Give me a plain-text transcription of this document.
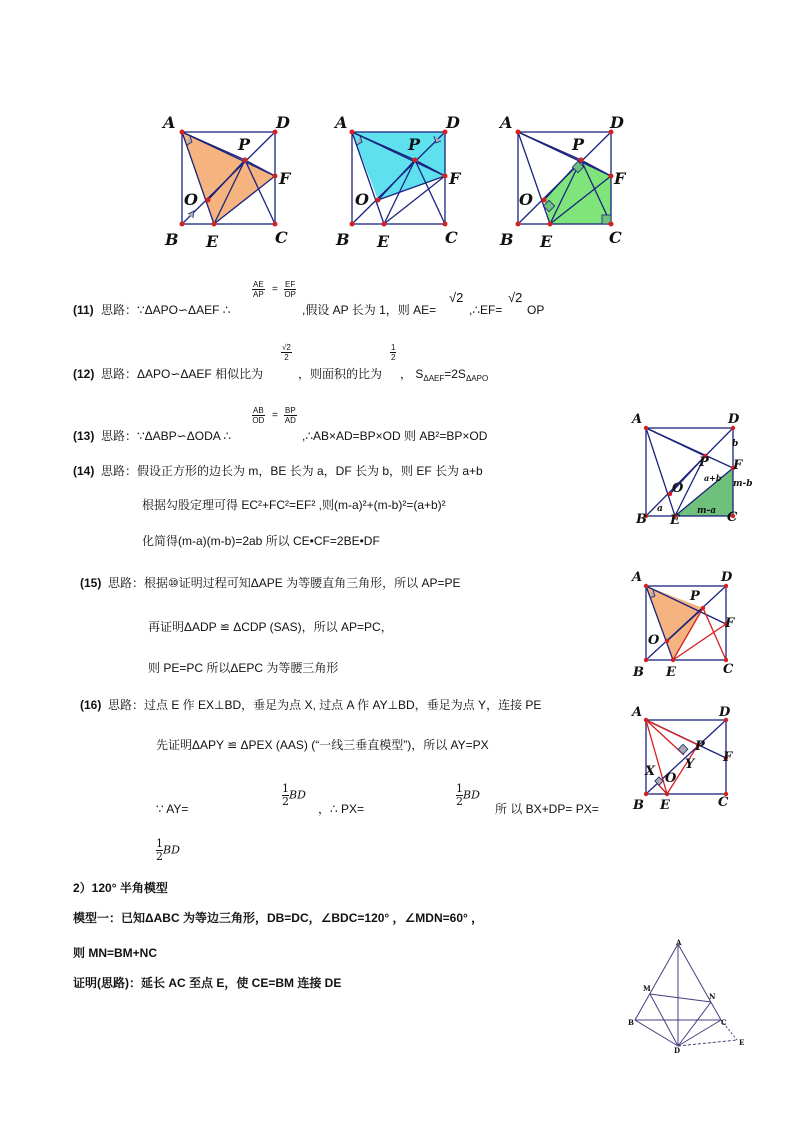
A	D
P
F
O
B E	C
A	D
P
F
O
B E	C
A	D
P
F
O
B E	C
(11) 思路：∵ΔAPO∽ΔAEF ∴
$\frac{AE}{AP} = \frac{EF}{OP}$
,假设 AP 长为 1，则 AE=
√2
,∴EF=
√2
OP
(12) 思路：ΔAPO∽ΔAEF 相似比为
$\frac{√2}{2}$
，则面积的比为
$\frac{1}{2}$
， $S_{\Delta AEF}=2S_{\Delta APO}$
(13) 思路：∵ΔABP∽ΔODA ∴
$\frac{AB}{OD} = \frac{BP}{AD}$
,∴AB×AD=BP×OD 则 AB²=BP×OD
(14) 思路：假设正方形的边长为 m，BE 长为 a，DF 长为 b，则 EF 长为 a+b
根据勾股定理可得 EC²+FC²=EF² ,则(m-a)²+(m-b)²=(a+b)²
化简得(m-a)(m-b)=2ab 所以 CE•CF=2BE•DF
A	D
b
P F
a+b
m-b
O
a	m-a
B E	C
(15) 思路：根据⑩证明过程可知ΔAPE 为等腰直角三角形，所以 AP=PE
再证明ΔADP ≌ ΔCDP (SAS)，所以 AP=PC，
则 PE=PC 所以ΔEPC 为等腰三角形
A	D
P
F
O
B E	C
(16) 思路：过点 E 作 EX⊥BD，垂足为点 X, 过点 A 作 AY⊥BD，垂足为点 Y，连接 PE
先证明ΔAPY ≌ ΔPEX (AAS) (“一线三垂直模型”)，所以 AY=PX
∵ AY=
$\frac{1}{2}$ BD
，∴ PX=
$\frac{1}{2}$ BD
所 以 BX+DP= PX=
$\frac{1}{2}$ BD
A	D
P
Y F
X O
B E	C
2）120° 半角模型
模型一：已知ΔABC 为等边三角形，DB=DC，∠BDC=120° ，∠MDN=60° ，
则 MN=BM+NC
证明(思路)：延长 AC 至点 E，使 CE=BM 连接 DE
A
M
N
B	C
D
E
